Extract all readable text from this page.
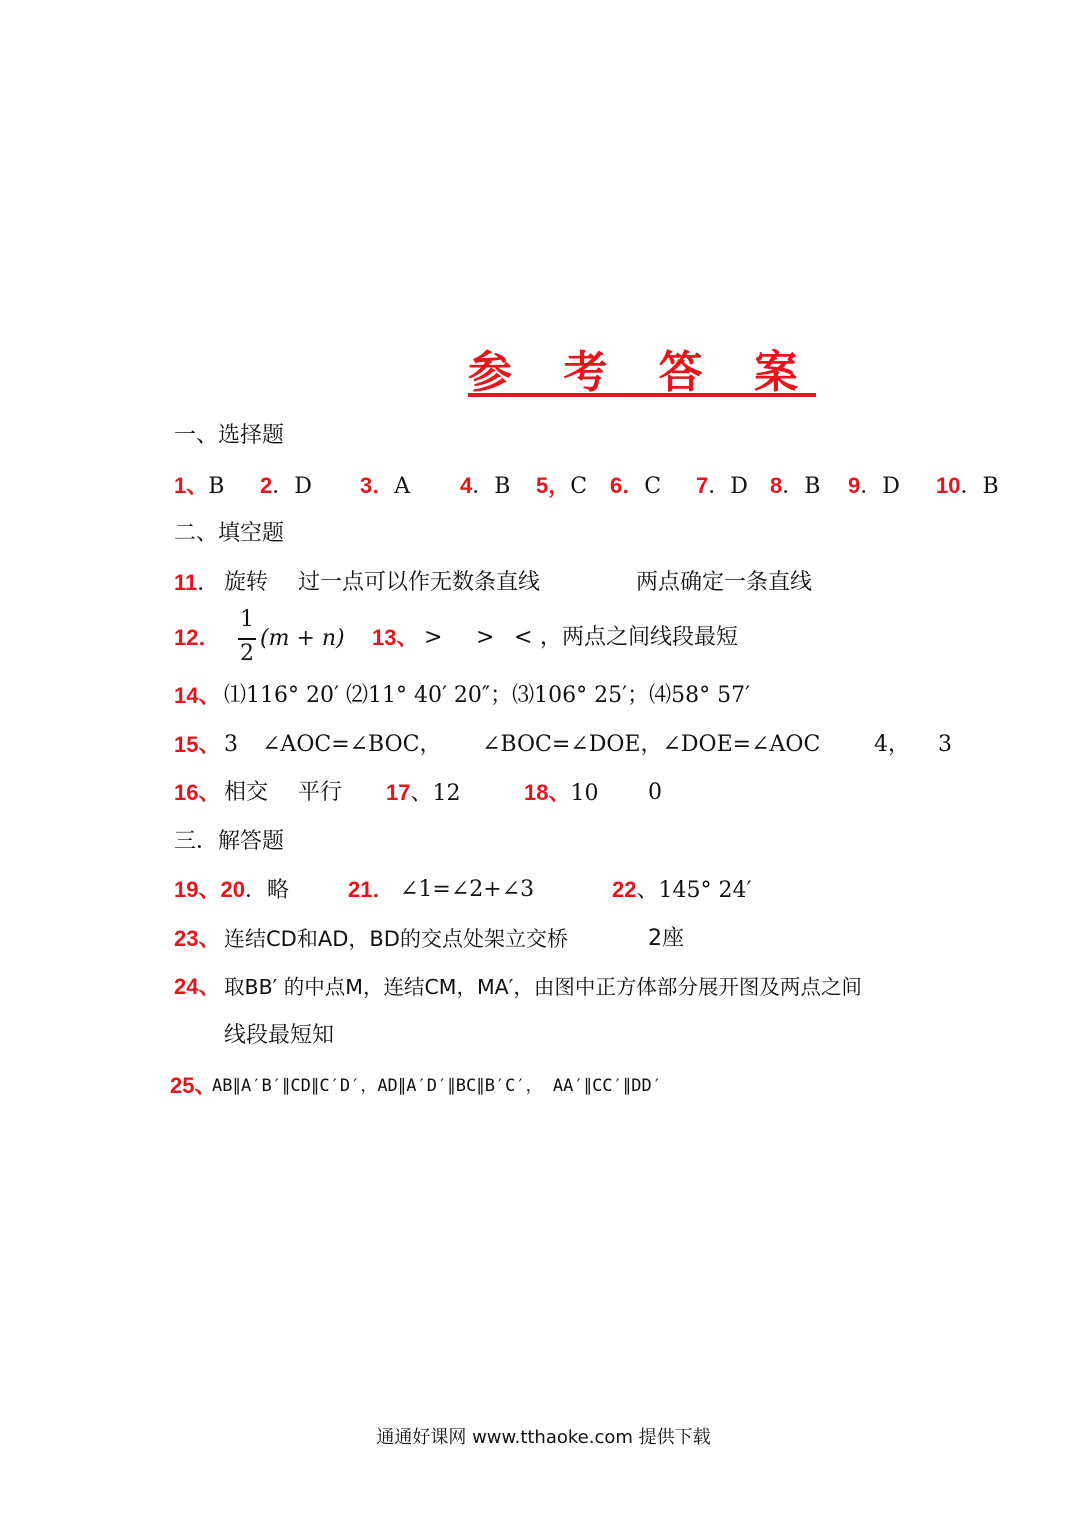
参 考 答 案
一、选择题
1、B 2．D 3．A 4．B 5，C 6．C 7．D 8．B 9．D 10．B
二、填空题
11． 旋转 过一点可以作无数条直线	两点确定一条直线
12． $\frac{1}{2} (m + n)$ 13、 > > < ，两点之间线段最短
14、 ⑴116° 20′ ⑵11° 40′ 20″；⑶106° 25′；⑷58° 57′
15、 3 ∠AOC=∠BOC， ∠BOC=∠DOE，∠DOE=∠AOC 4， 3
16、 相交 平行 17、12	18、10 0
三．解答题
19、20．略	21． ∠1=∠2+∠3	22、145° 24′
23、 连结CD和AD，BD的交点处架立交桥	2座
24、 取BB′ 的中点M，连结CM，MA′，由图中正方体部分展开图及两点之间
线段最短知
25、
AB∥A′B′∥CD∥C′D′，AD∥A′D′∥BC∥B′C′， AA′∥CC′∥DD′
通通好课网 www.tthaoke.com 提供下载
